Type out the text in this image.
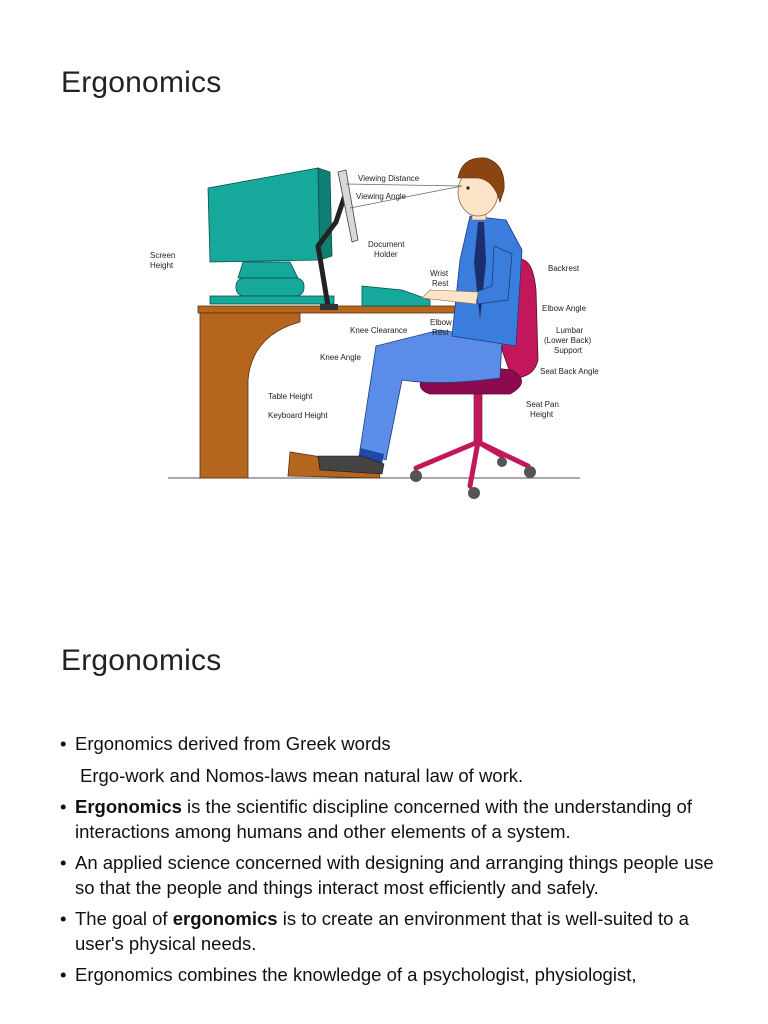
Ergonomics
Viewing Distance
Viewing Angle
Screen
Height
Document
Holder
Wrist
Rest
Backrest
Elbow Angle
Knee Clearance
Elbow
Rest	Lumbar
(Lower Back)
Support
Knee Angle
Seat Back Angle
Table Height
Keyboard Height
Seat Pan
Height
Ergonomics
• Ergonomics derived from Greek words
Ergo-work and Nomos-laws mean natural law of work.
• Ergonomics is the scientific discipline concerned with the understanding of interactions among humans and other elements of a system.
• An applied science concerned with designing and arranging things people use so that the people and things interact most efficiently and safely.
• The goal of ergonomics is to create an environment that is well-suited to a user's physical needs.
• Ergonomics combines the knowledge of a psychologist, physiologist,
